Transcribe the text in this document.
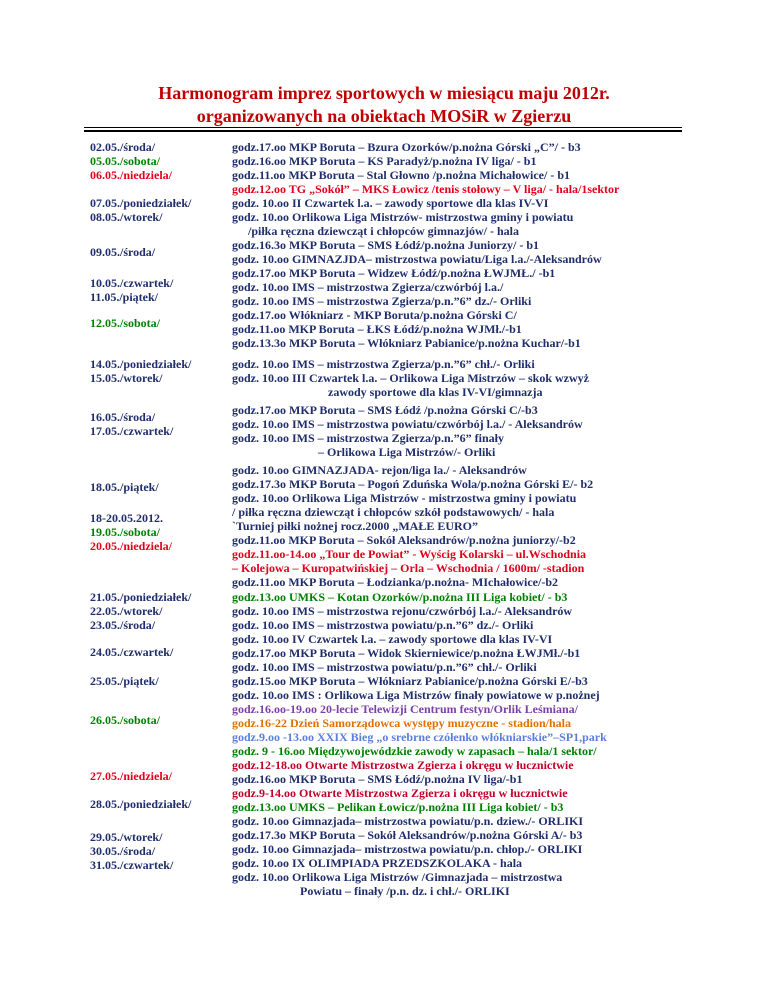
Harmonogram imprez sportowych w miesiącu maju 2012r.
organizowanych na obiektach MOSiR w Zgierzu
02.05./środa/
05.05./sobota/
06.05./niedziela/
07.05./poniedziałek/
08.05./wtorek/
09.05./środa/
10.05./czwartek/
11.05./piątek/
12.05./sobota/
14.05./poniedziałek/
15.05./wtorek/
16.05./środa/
17.05./czwartek/
18.05./piątek/
18-20.05.2012.
19.05./sobota/
20.05./niedziela/
21.05./poniedziałek/
22.05./wtorek/
23.05./środa/
24.05./czwartek/
25.05./piątek/
26.05./sobota/
27.05./niedziela/
28.05./poniedziałek/
29.05./wtorek/
30.05./środa/
31.05./czwartek/
godz.17.oo MKP Boruta – Bzura Ozorków/p.nożna Górski „C”/ - b3
godz.16.oo MKP Boruta – KS Paradyż/p.nożna IV liga/ - b1
godz.11.oo MKP Boruta – Stal Głowno /p.nożna Michałowice/ - b1
godz.12.oo TG „Sokół” – MKS Łowicz /tenis stołowy – V liga/ - hala/1sektor
godz. 10.oo II Czwartek l.a. – zawody sportowe dla klas IV-VI
godz. 10.oo Orlikowa Liga Mistrzów- mistrzostwa gminy i powiatu
/piłka ręczna dziewcząt i chłopców gimnazjów/ - hala
godz.16.3o MKP Boruta – SMS Łódź/p.nożna Juniorzy/ - b1
godz. 10.oo GIMNAZJDA– mistrzostwa powiatu/Liga l.a./-Aleksandrów
godz.17.oo MKP Boruta – Widzew Łódź/p.nożna ŁWJMŁ./ -b1
godz. 10.oo IMS – mistrzostwa Zgierza/czwórbój l.a./
godz. 10.oo IMS – mistrzostwa Zgierza/p.n.”6” dz./- Orliki
godz.17.oo Włókniarz - MKP Boruta/p.nożna Górski C/
godz.11.oo MKP Boruta – ŁKS Łódź/p.nożna WJMł./-b1
godz.13.3o MKP Boruta – Włókniarz Pabianice/p.nożna Kuchar/-b1
godz. 10.oo IMS – mistrzostwa Zgierza/p.n.”6” chł./- Orliki
godz. 10.oo III Czwartek l.a. – Orlikowa Liga Mistrzów – skok wzwyż
zawody sportowe dla klas IV-VI/gimnazja
godz.17.oo MKP Boruta – SMS Łódź /p.nożna Górski C/-b3
godz. 10.oo IMS – mistrzostwa powiatu/czwórbój l.a./ - Aleksandrów
godz. 10.oo IMS – mistrzostwa Zgierza/p.n.”6” finały
– Orlikowa Liga Mistrzów/- Orliki
godz. 10.oo GIMNAZJADA- rejon/liga la./ - Aleksandrów
godz.17.3o MKP Boruta – Pogoń Zduńska Wola/p.nożna Górski E/- b2
godz. 10.oo Orlikowa Liga Mistrzów - mistrzostwa gminy i powiatu
/ piłka ręczna dziewcząt i chłopców szkół podstawowych/ - hala
`Turniej piłki nożnej rocz.2000 „MAŁE EURO”
godz.11.oo MKP Boruta – Sokół Aleksandrów/p.nożna juniorzy/-b2
godz.11.oo-14.oo „Tour de Powiat” - Wyścig Kolarski – ul.Wschodnia
– Kolejowa – Kuropatwińskiej – Orla – Wschodnia / 1600m/ -stadion
godz.11.oo MKP Boruta – Łodzianka/p.nożna- MIchałowice/-b2
godz.13.oo UMKS – Kotan Ozorków/p.nożna III Liga kobiet/ - b3
godz. 10.oo IMS – mistrzostwa rejonu/czwórbój l.a./- Aleksandrów
godz. 10.oo IMS – mistrzostwa powiatu/p.n.”6” dz./- Orliki
godz. 10.oo IV Czwartek l.a. – zawody sportowe dla klas IV-VI
godz.17.oo MKP Boruta – Widok Skierniewice/p.nożna ŁWJMł./-b1
godz. 10.oo IMS – mistrzostwa powiatu/p.n.”6” chł./- Orliki
godz.15.oo MKP Boruta – Włókniarz Pabianice/p.nożna Górski E/-b3
godz. 10.oo IMS : Orlikowa Liga Mistrzów finały powiatowe w p.nożnej
godz.16.oo-19.oo 20-lecie Telewizji Centrum festyn/Orlik Leśmiana/
godz.16-22 Dzień Samorządowca występy muzyczne - stadion/hala
godz.9.oo -13.oo XXIX Bieg „o srebrne czółenko włókniarskie”–SP1,park
godz. 9 - 16.oo Międzywojewódzkie zawody w zapasach – hala/1 sektor/
godz.12-18.oo Otwarte Mistrzostwa Zgierza i okręgu w łucznictwie
godz.16.oo MKP Boruta – SMS Łódź/p.nożna IV liga/-b1
godz.9-14.oo Otwarte Mistrzostwa Zgierza i okręgu w łucznictwie
godz.13.oo UMKS – Pelikan Łowicz/p.nożna III Liga kobiet/ - b3
godz. 10.oo Gimnazjada– mistrzostwa powiatu/p.n. dziew./- ORLIKI
godz.17.3o MKP Boruta – Sokół Aleksandrów/p.nożna Górski A/- b3
godz. 10.oo Gimnazjada– mistrzostwa powiatu/p.n. chłop./- ORLIKI
godz. 10.oo IX OLIMPIADA PRZEDSZKOLAKA - hala
godz. 10.oo Orlikowa Liga Mistrzów /Gimnazjada – mistrzostwa
Powiatu – finały /p.n. dz. i chł./- ORLIKI
